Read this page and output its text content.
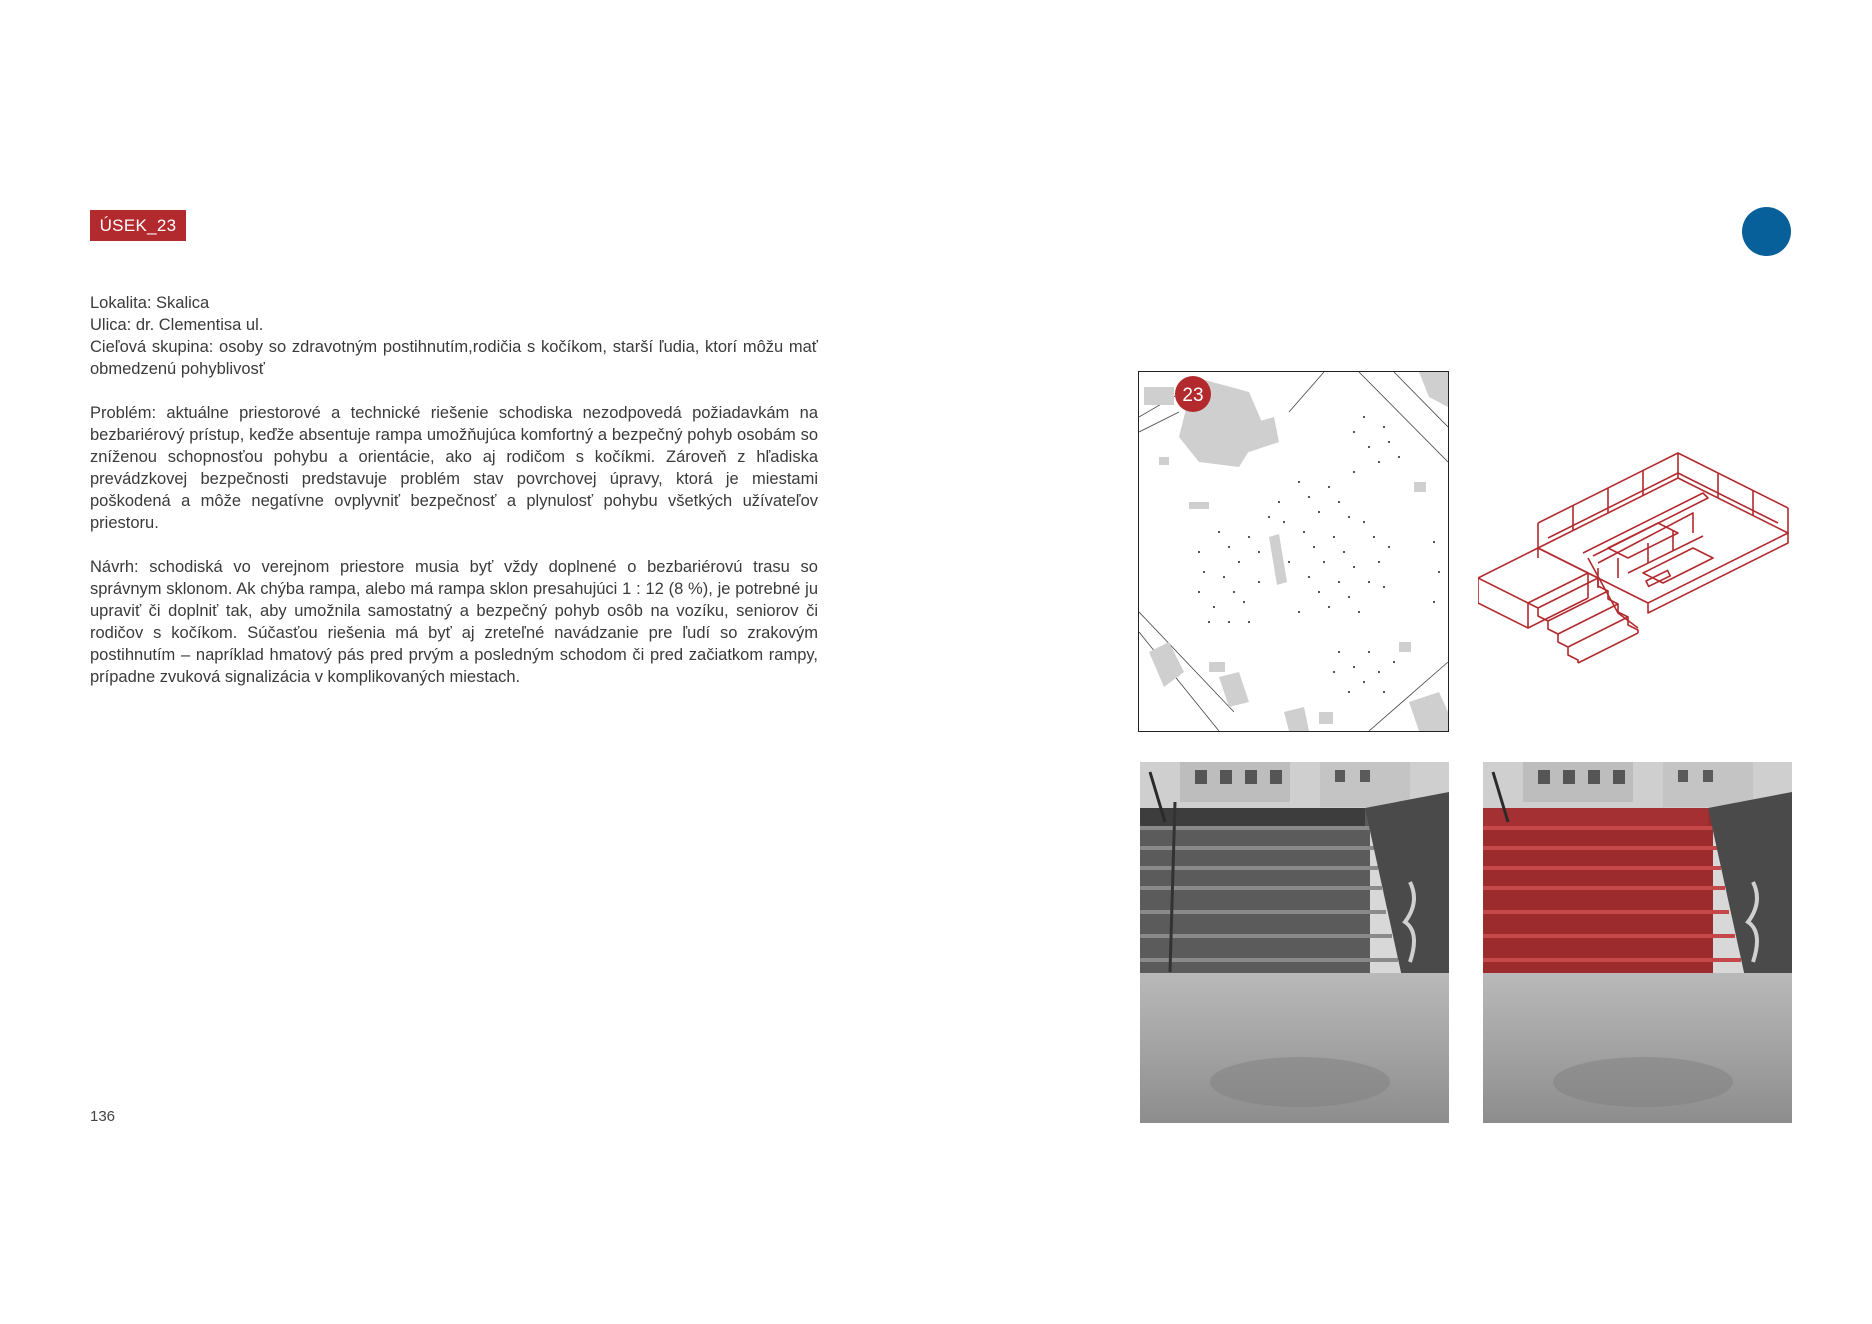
ÚSEK_23
Lokalita: Skalica
Ulica: dr. Clementisa ul.

Cieľová skupina: osoby so zdravotným postihnutím,rodičia s kočíkom, starší ľudia, ktorí môžu mať obmedzenú pohyblivosť

Problém: aktuálne priestorové a technické riešenie schodiska nezodpovedá požiadavkám na bezbariérový prístup, keďže absentuje rampa umožňujúca komfortný a bezpečný pohyb osobám so zníženou schopnosťou pohybu a orientácie, ako aj rodičom s kočíkmi. Zároveň z hľadiska prevádzkovej bezpečnosti predstavuje problém stav povrchovej úpravy, ktorá je miestami poškodená a môže negatívne ovplyvniť bezpečnosť a plynulosť pohybu všetkých užívateľov priestoru.

Návrh: schodiská vo verejnom priestore musia byť vždy doplnené o bezbariérovú trasu so správnym sklonom. Ak chýba rampa, alebo má rampa sklon presahujúci 1 : 12 (8 %), je potrebné ju upraviť či doplniť tak, aby umožnila samostatný a bezpečný pohyb osôb na vozíku, seniorov či rodičov s kočíkom. Súčasťou riešenia má byť aj zreteľné navádzanie pre ľudí so zrakovým postihnutím – napríklad hmatový pás pred prvým a posledným schodom či pred začiatkom rampy, prípadne zvuková signalizácia v komplikovaných miestach.

136
23
